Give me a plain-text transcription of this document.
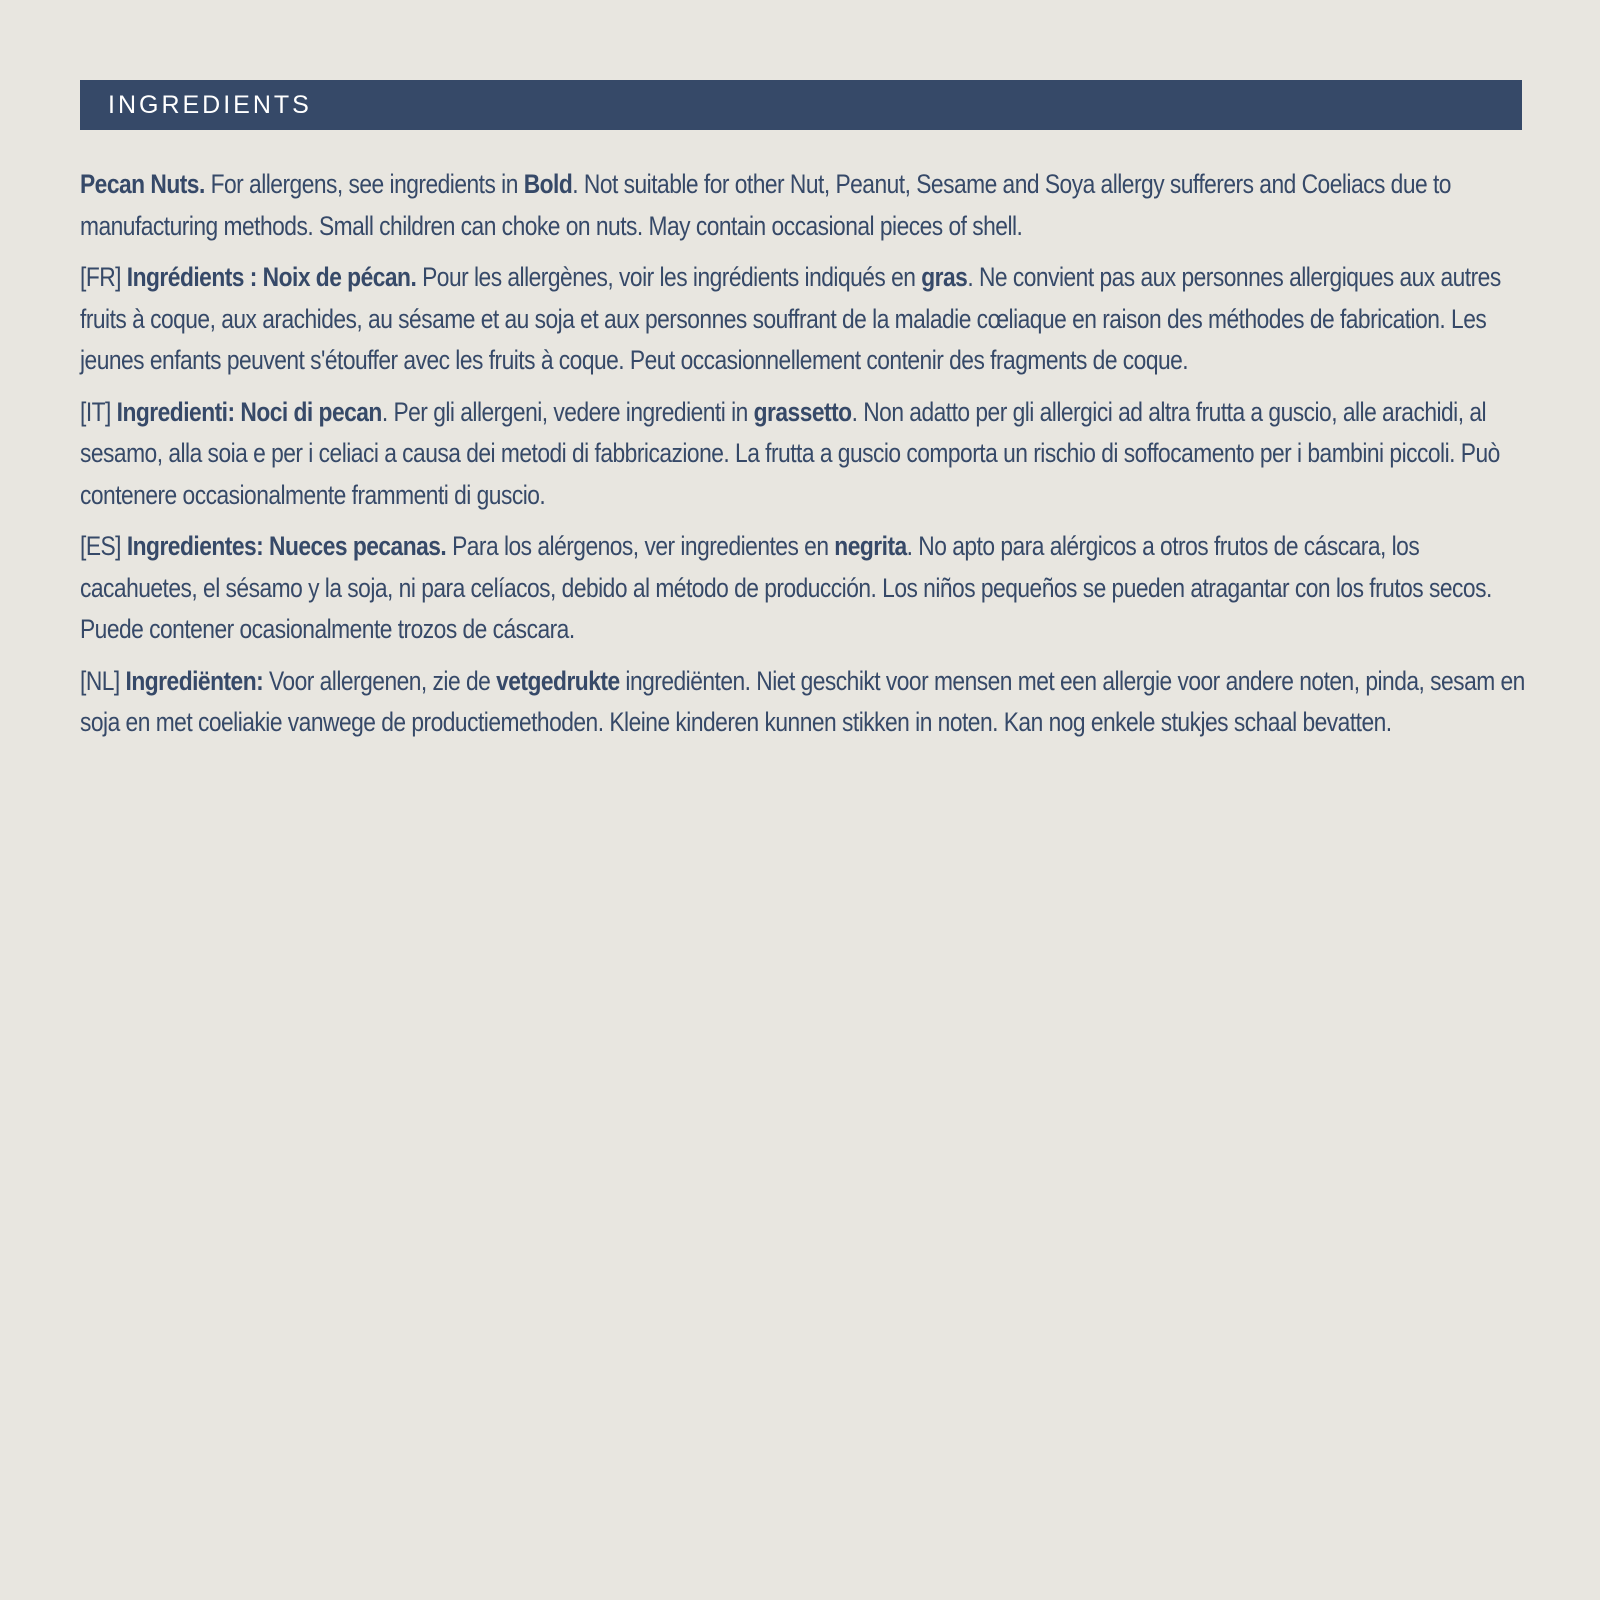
INGREDIENTS

Pecan Nuts. For allergens, see ingredients in Bold. Not suitable for other Nut, Peanut, Sesame and Soya allergy sufferers and Coeliacs due to manufacturing methods. Small children can choke on nuts. May contain occasional pieces of shell.

[FR] Ingrédients : Noix de pécan. Pour les allergènes, voir les ingrédients indiqués en gras. Ne convient pas aux personnes allergiques aux autres fruits à coque, aux arachides, au sésame et au soja et aux personnes souffrant de la maladie cœliaque en raison des méthodes de fabrication. Les jeunes enfants peuvent s'étouffer avec les fruits à coque. Peut occasionnellement contenir des fragments de coque.

[IT] Ingredienti: Noci di pecan. Per gli allergeni, vedere ingredienti in grassetto. Non adatto per gli allergici ad altra frutta a guscio, alle arachidi, al sesamo, alla soia e per i celiaci a causa dei metodi di fabbricazione. La frutta a guscio comporta un rischio di soffocamento per i bambini piccoli. Può contenere occasionalmente frammenti di guscio.

[ES] Ingredientes: Nueces pecanas. Para los alérgenos, ver ingredientes en negrita. No apto para alérgicos a otros frutos de cáscara, los cacahuetes, el sésamo y la soja, ni para celíacos, debido al método de producción. Los niños pequeños se pueden atragantar con los frutos secos. Puede contener ocasionalmente trozos de cáscara.

[NL] Ingrediënten: Voor allergenen, zie de vetgedrukte ingrediënten. Niet geschikt voor mensen met een allergie voor andere noten, pinda, sesam en soja en met coeliakie vanwege de productiemethoden. Kleine kinderen kunnen stikken in noten. Kan nog enkele stukjes schaal bevatten.
